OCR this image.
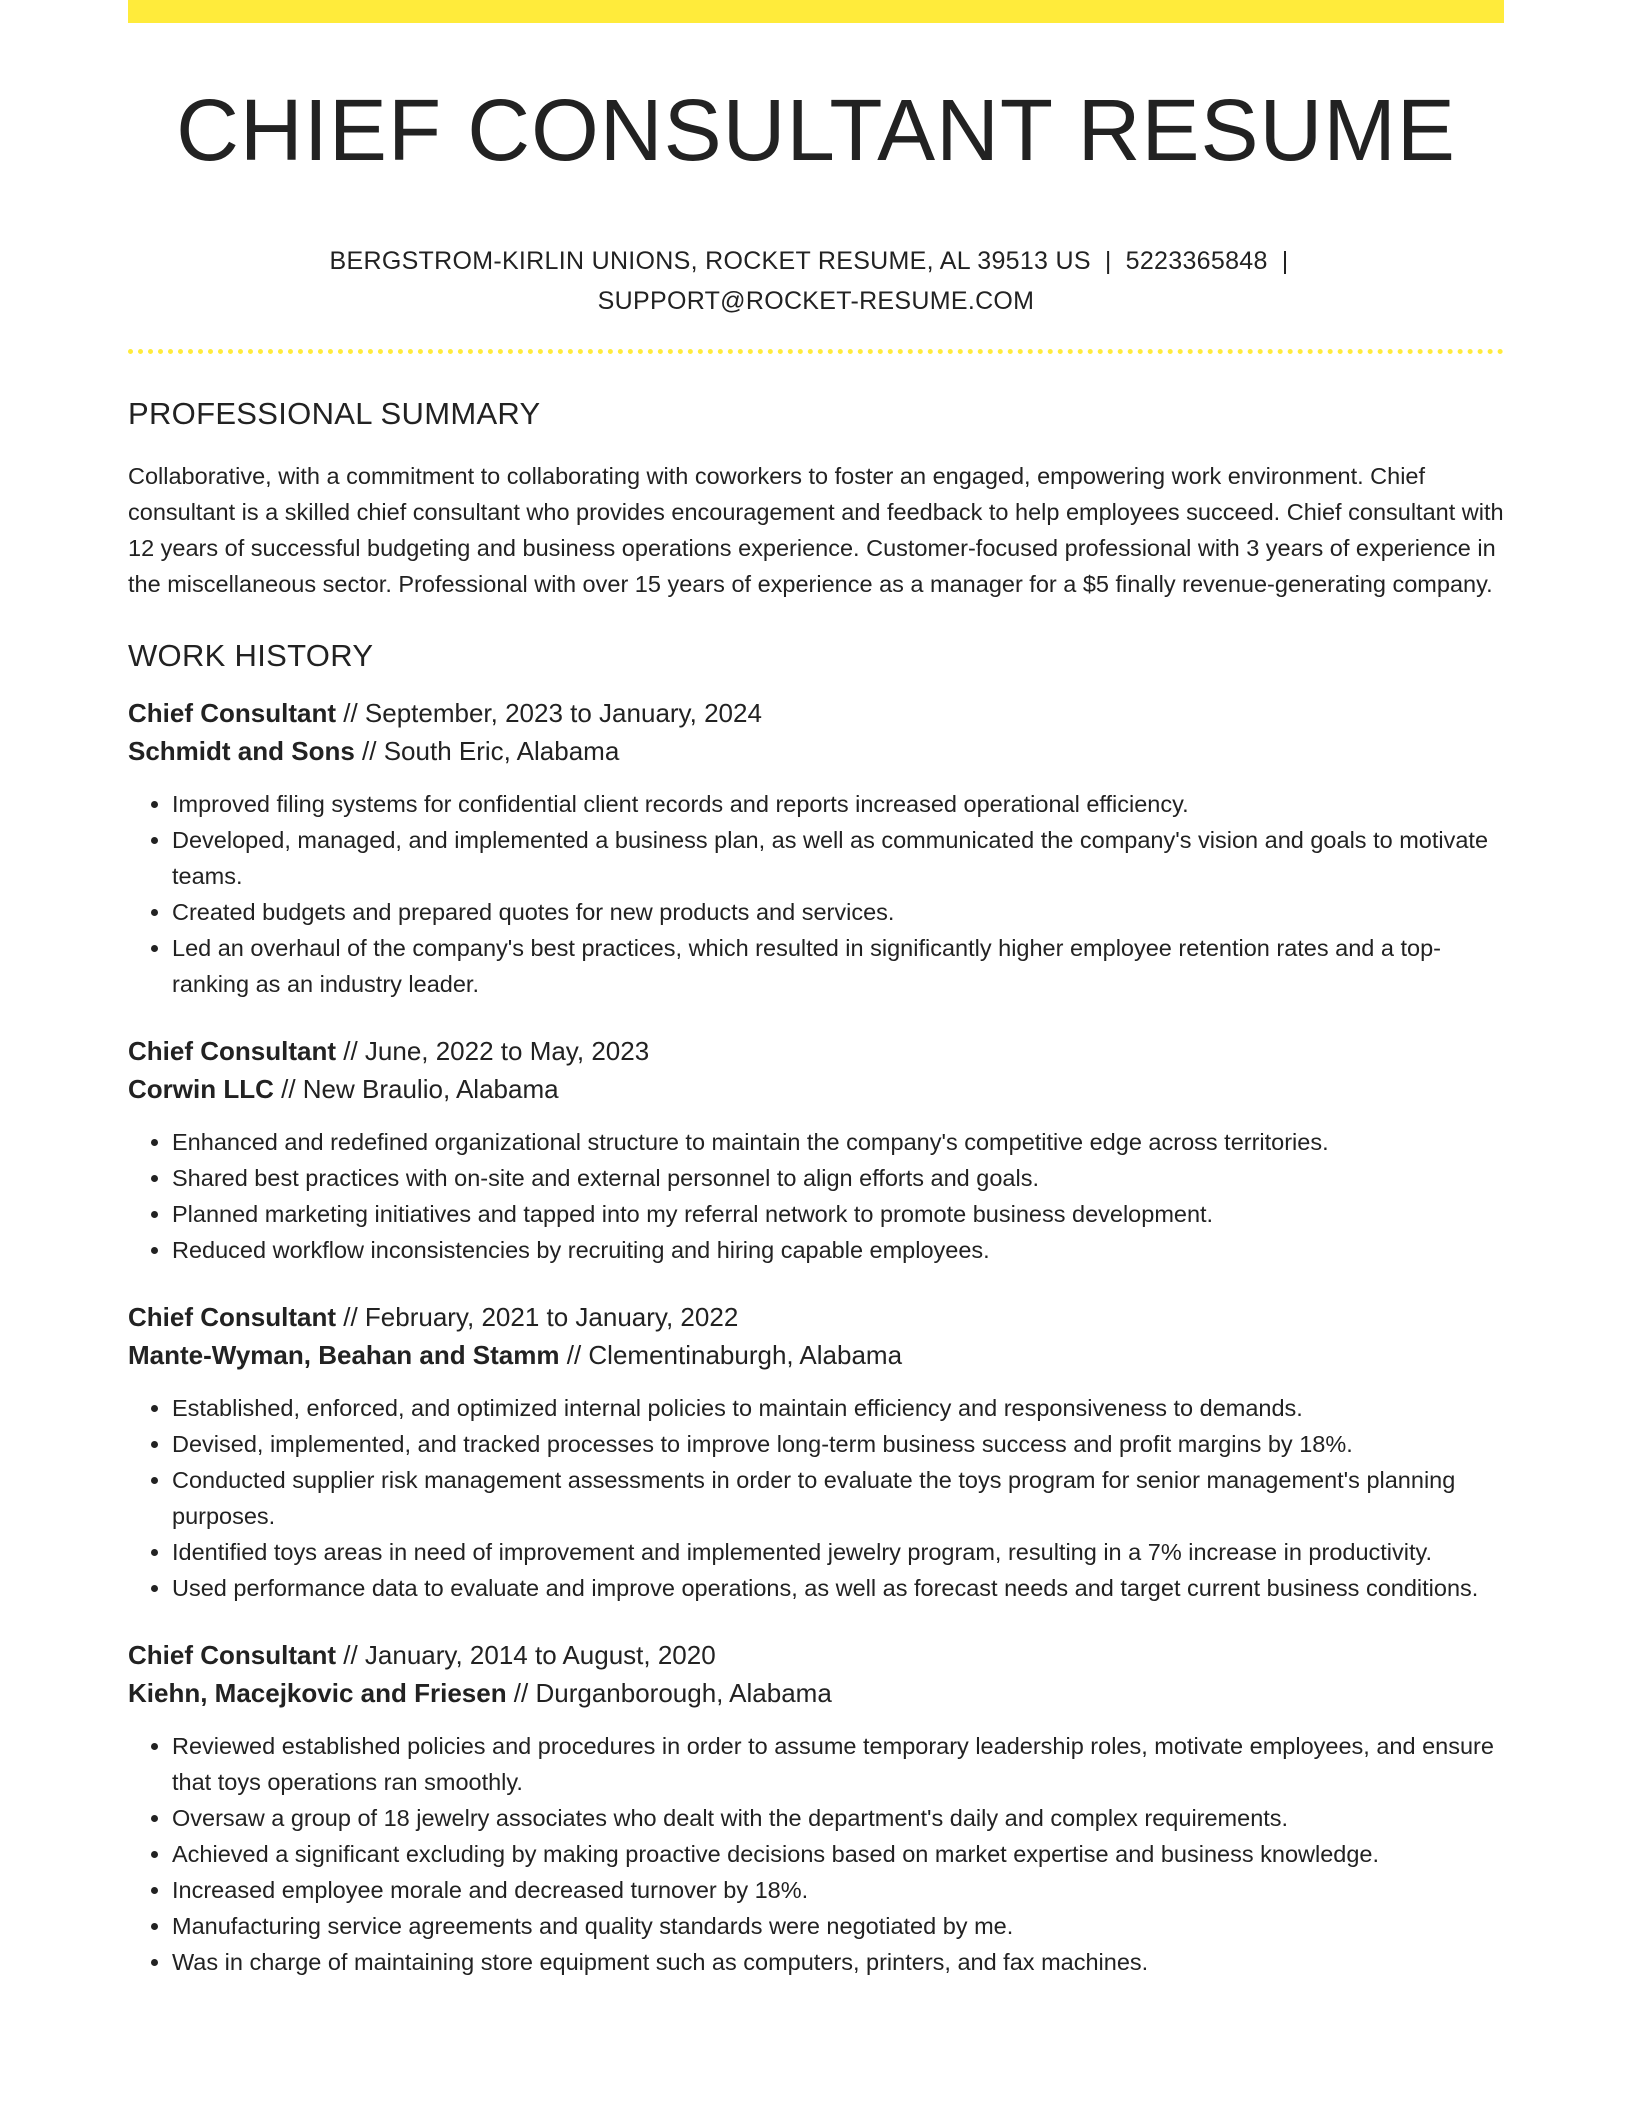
CHIEF CONSULTANT RESUME
BERGSTROM-KIRLIN UNIONS, ROCKET RESUME, AL 39513 US | 5223365848 |
SUPPORT@ROCKET-RESUME.COM
PROFESSIONAL SUMMARY

Collaborative, with a commitment to collaborating with coworkers to foster an engaged, empowering work environment. Chief consultant is a skilled chief consultant who provides encouragement and feedback to help employees succeed. Chief consultant with 12 years of successful budgeting and business operations experience. Customer-focused professional with 3 years of experience in the miscellaneous sector. Professional with over 15 years of experience as a manager for a $5 finally revenue-generating company.

WORK HISTORY
Chief Consultant // September, 2023 to January, 2024
Schmidt and Sons // South Eric, Alabama
• Improved filing systems for confidential client records and reports increased operational efficiency.
• Developed, managed, and implemented a business plan, as well as communicated the company's vision and goals to motivate teams.
• Created budgets and prepared quotes for new products and services.
• Led an overhaul of the company's best practices, which resulted in significantly higher employee retention rates and a top-ranking as an industry leader.
Chief Consultant // June, 2022 to May, 2023
Corwin LLC // New Braulio, Alabama
• Enhanced and redefined organizational structure to maintain the company's competitive edge across territories.
• Shared best practices with on-site and external personnel to align efforts and goals.
• Planned marketing initiatives and tapped into my referral network to promote business development.
• Reduced workflow inconsistencies by recruiting and hiring capable employees.
Chief Consultant // February, 2021 to January, 2022
Mante-Wyman, Beahan and Stamm // Clementinaburgh, Alabama
• Established, enforced, and optimized internal policies to maintain efficiency and responsiveness to demands.
• Devised, implemented, and tracked processes to improve long-term business success and profit margins by 18%.
• Conducted supplier risk management assessments in order to evaluate the toys program for senior management's planning purposes.
• Identified toys areas in need of improvement and implemented jewelry program, resulting in a 7% increase in productivity.
• Used performance data to evaluate and improve operations, as well as forecast needs and target current business conditions.
Chief Consultant // January, 2014 to August, 2020
Kiehn, Macejkovic and Friesen // Durganborough, Alabama
• Reviewed established policies and procedures in order to assume temporary leadership roles, motivate employees, and ensure that toys operations ran smoothly.
• Oversaw a group of 18 jewelry associates who dealt with the department's daily and complex requirements.
• Achieved a significant excluding by making proactive decisions based on market expertise and business knowledge.
• Increased employee morale and decreased turnover by 18%.
• Manufacturing service agreements and quality standards were negotiated by me.
• Was in charge of maintaining store equipment such as computers, printers, and fax machines.
